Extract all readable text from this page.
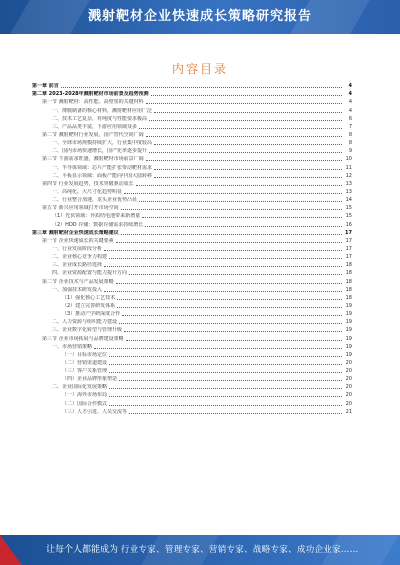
溅射靶材企业快速成长策略研究报告
内容目录
第一章 前言	4
第二章 2023-2028年溅射靶材市场前景及趋势预测	4
第一节 溅射靶材：高性能、高壁垒的关键材料	4
一、薄膜制备的核心材料，溅射靶材应用广泛	4
二、技术工艺复杂，对纯度与性能要求极高	6
三、产品品类丰富，下游应用领域众多	7
第二节 溅射靶材行业发展，国产替代空间广阔	8
一、全球市场规模持续扩大，行业集中度较高	8
二、国内市场快速增长，国产化率逐步提升	9
第三节 下游需求旺盛，溅射靶材市场前景广阔	10
一、半导体领域：芯片产能扩张带动靶材需求	11
二、平板显示领域：面板产能向中国大陆转移	12
第四节 行业发展趋势，技术突破驱动成长	13
一、高纯化、大尺寸化趋势明显	13
二、行业整合加速，龙头企业优势凸显	14
第五节 新兴应用领域打开市场空间	15
（1）光伏领域：异质结电池带来新增量	15
（2）HDD 存储：数据存储需求持续增长	16
第三章 溅射靶材企业快速成长策略建议	17
第一节 企业快速成长的关键要素	17
一、行业发展阶段分析	17
二、企业核心竞争力构建	17
三、企业成长路径选择	18
四、企业资源配置与能力提升方向	18
第二节 企业技术与产品发展策略	18
一、加强技术研发投入	18
（1）强化核心工艺技术	18
（2）建立完善研发体系	19
（3）推动产学研深度合作	19
二、人力资源与组织能力建设	19
三、企业数字化转型与管理升级	19
第三节 企业市场拓展与品牌建设策略	19
一、市场营销策略	19
（一）目标市场定位	19
（二）营销渠道建设	20
（三）客户关系管理	20
（四）企业品牌形象塑造	20
二、企业国际化发展策略	20
（一）海外市场布局	20
（二）国际合作模式	20
（三）人才引进、人员交流等	21
让每个人都能成为 行业专家、管理专家、营销专家、战略专家、成功企业家……
